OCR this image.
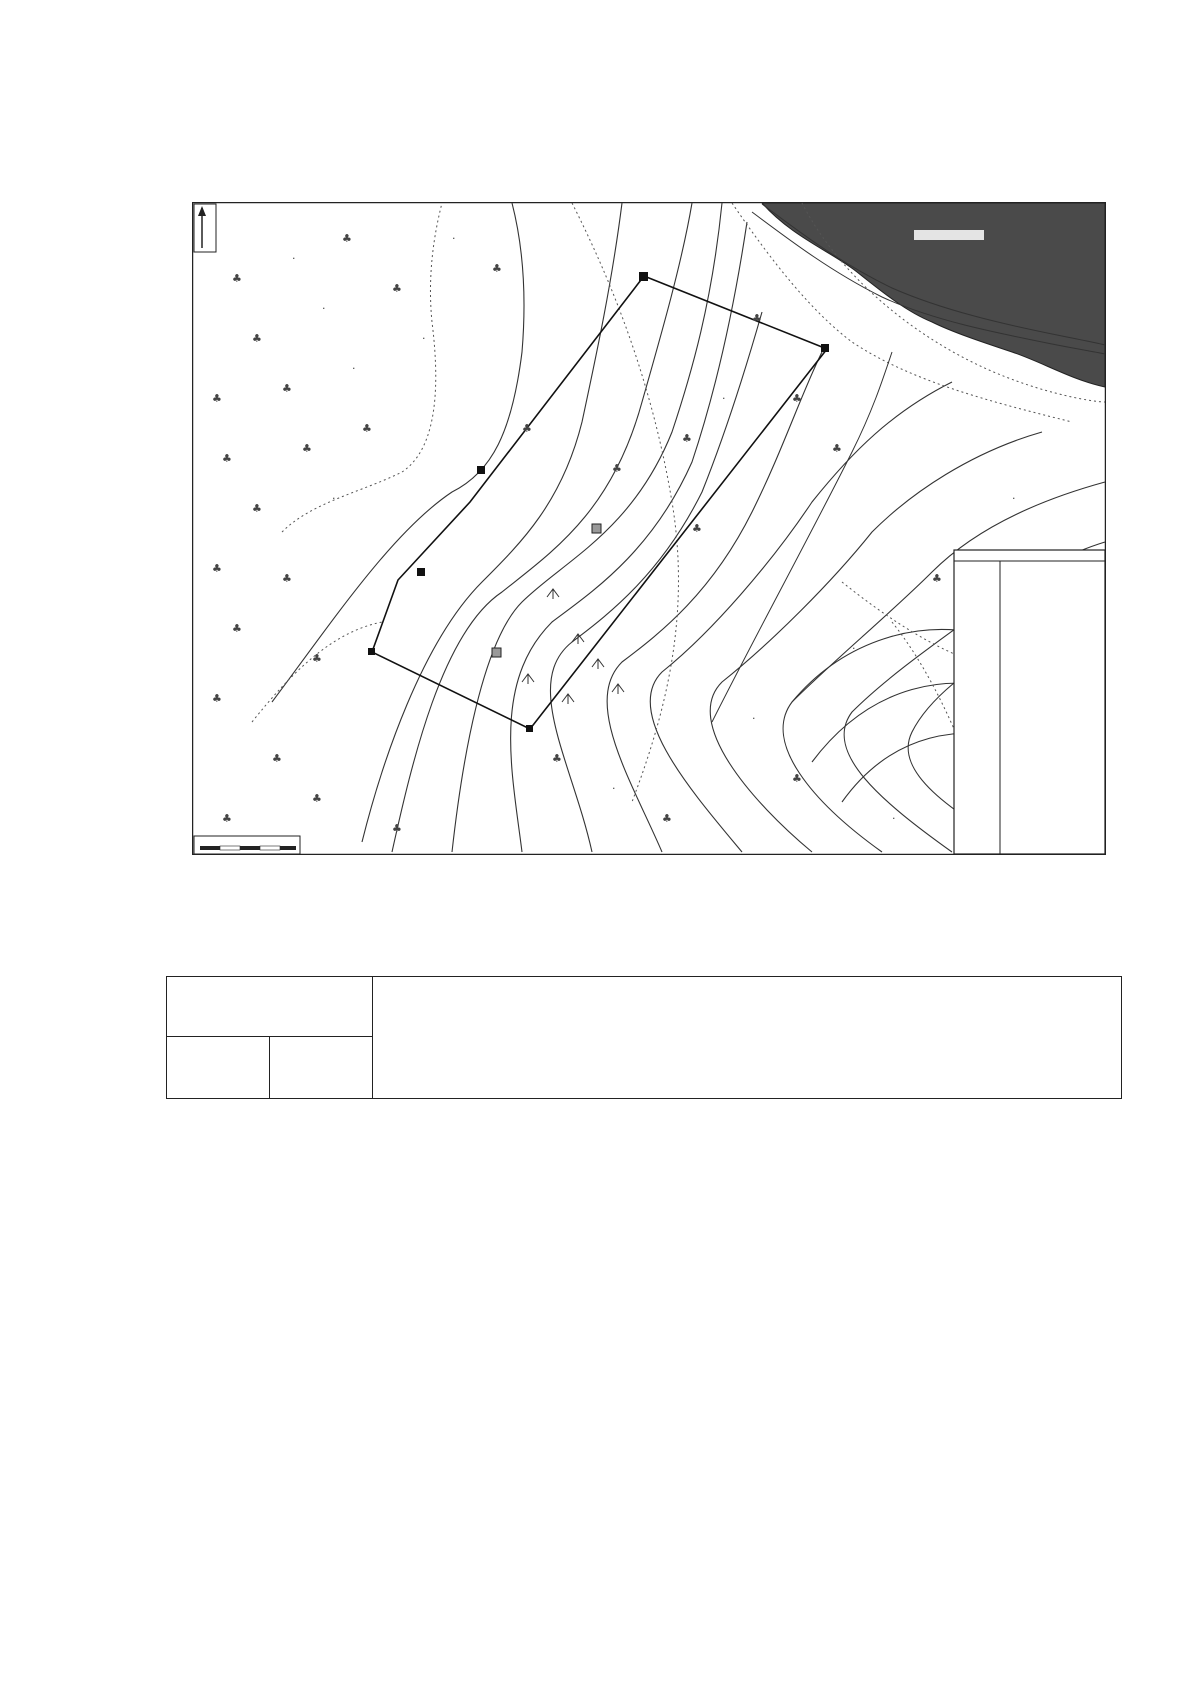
♣
·
♣
♣
·
♣
♣
♣
·
♣
♣
♣
♣
·
♣
♣
♣
♣
♣
♣
♣
♣
♣
·
♣
·
♣
♣
♣
·
♣
♣
♣
·
♣
·
♣
·
♣
·
·
♣
♣
